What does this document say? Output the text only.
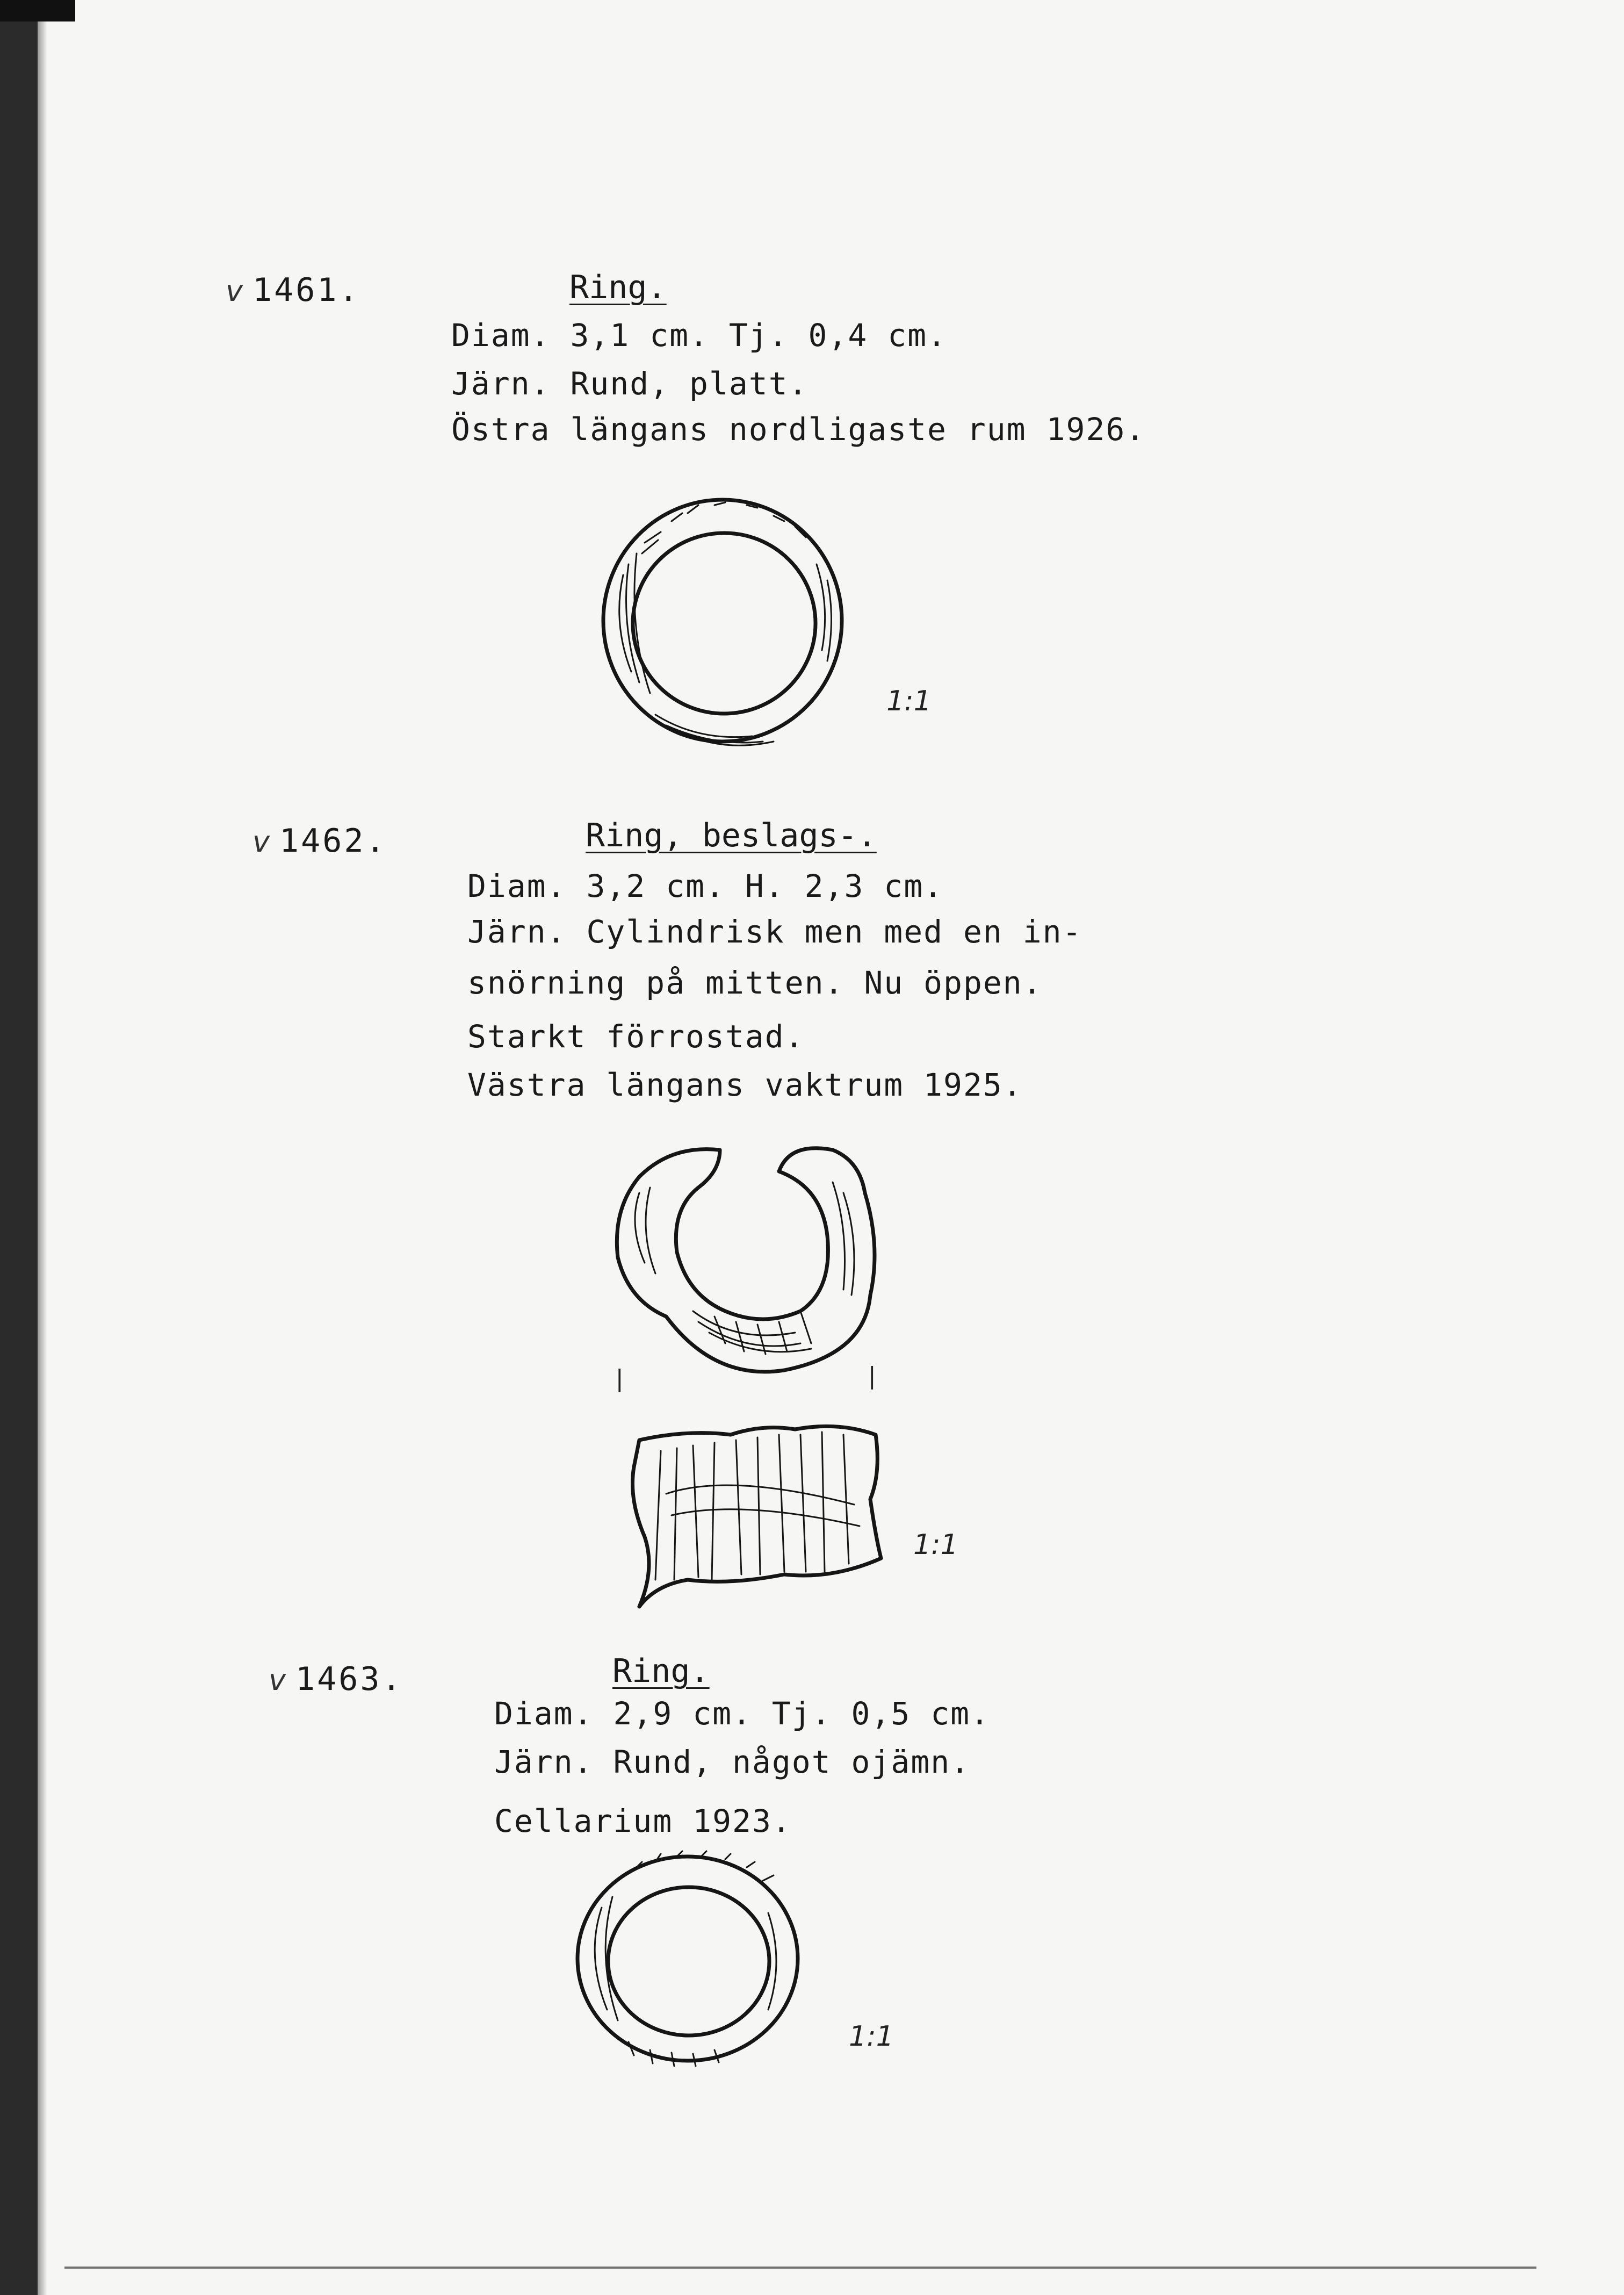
v 1461.	Ring.
Diam. 3,1 cm. Tj. 0,4 cm.
Järn. Rund, platt.
Östra längans nordligaste rum 1926.
1:1
v 1462.	Ring, beslags-.
Diam. 3,2 cm. H. 2,3 cm.
Järn. Cylindrisk men med en in-
snörning på mitten. Nu öppen.
Starkt förrostad.
Västra längans vaktrum 1925.
|	|
1:1
v 1463.	Ring.
Diam. 2,9 cm. Tj. 0,5 cm.
Järn. Rund, något ojämn.
Cellarium 1923.
1:1
